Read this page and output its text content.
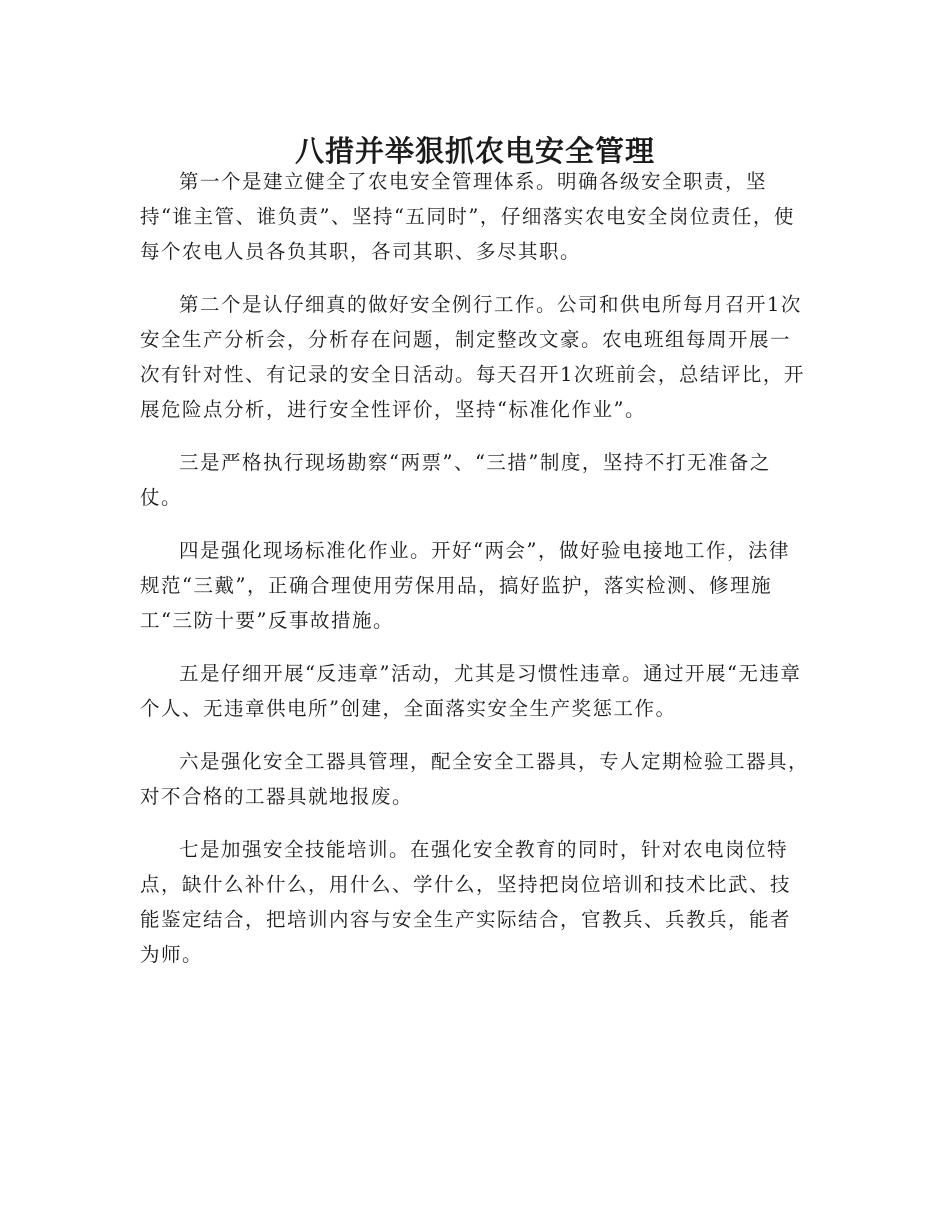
八措并举狠抓农电安全管理

第一个是建立健全了农电安全管理体系。明确各级安全职责，坚持“谁主管、谁负责”、坚持“五同时”，仔细落实农电安全岗位责任，使每个农电人员各负其职，各司其职、多尽其职。

第二个是认仔细真的做好安全例行工作。公司和供电所每月召开1次安全生产分析会，分析存在问题，制定整改文豪。农电班组每周开展一次有针对性、有记录的安全日活动。每天召开1次班前会，总结评比，开展危险点分析，进行安全性评价，坚持“标准化作业”。

三是严格执行现场勘察“两票”、“三措”制度，坚持不打无准备之仗。

四是强化现场标准化作业。开好“两会”，做好验电接地工作，法律规范“三戴”，正确合理使用劳保用品，搞好监护，落实检测、修理施工“三防十要”反事故措施。

五是仔细开展“反违章”活动，尤其是习惯性违章。通过开展“无违章个人、无违章供电所”创建，全面落实安全生产奖惩工作。

六是强化安全工器具管理，配全安全工器具，专人定期检验工器具，对不合格的工器具就地报废。

七是加强安全技能培训。在强化安全教育的同时，针对农电岗位特点，缺什么补什么，用什么、学什么，坚持把岗位培训和技术比武、技能鉴定结合，把培训内容与安全生产实际结合，官教兵、兵教兵，能者为师。
